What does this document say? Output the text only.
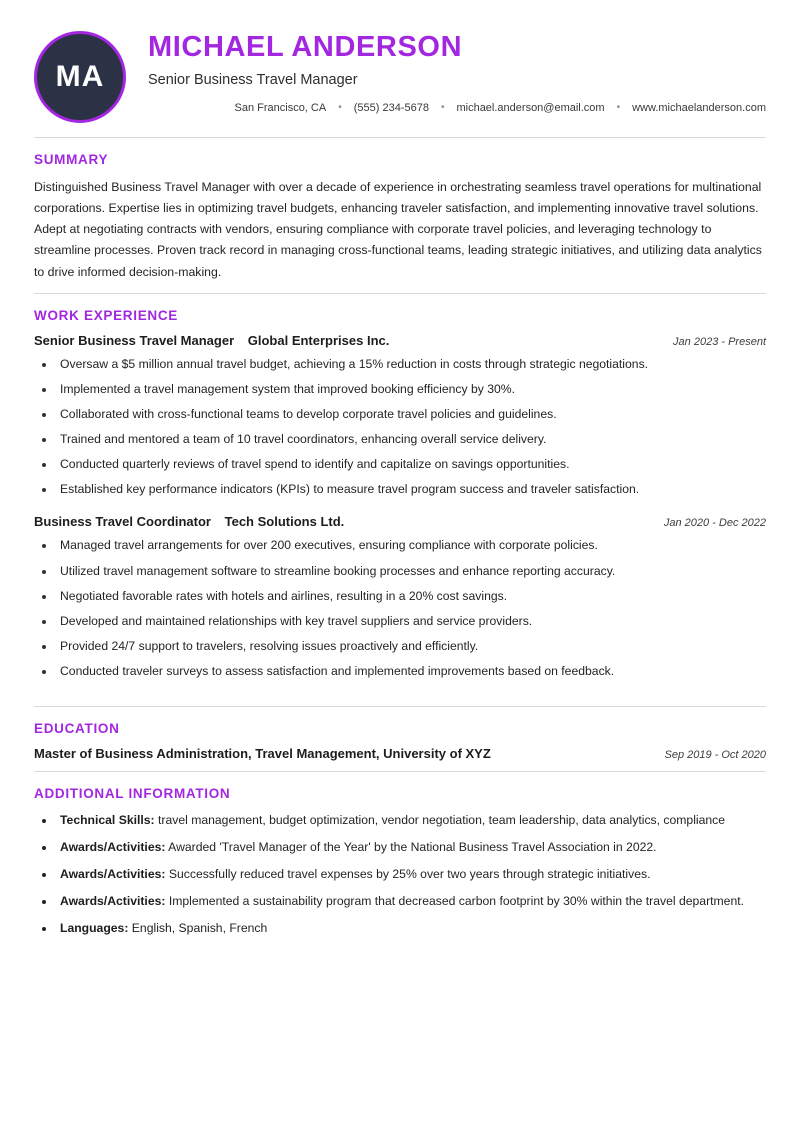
MA
MICHAEL ANDERSON
Senior Business Travel Manager
San Francisco, CA	•	(555) 234-5678	•	michael.anderson@email.com	•	www.michaelanderson.com
SUMMARY

Distinguished Business Travel Manager with over a decade of experience in orchestrating seamless travel operations for multinational corporations. Expertise lies in optimizing travel budgets, enhancing traveler satisfaction, and implementing innovative travel solutions. Adept at negotiating contracts with vendors, ensuring compliance with corporate travel policies, and leveraging technology to streamline processes. Proven track record in managing cross-functional teams, leading strategic initiatives, and utilizing data analytics to drive informed decision-making.

WORK EXPERIENCE
Senior Business Travel Manager Global Enterprises Inc.	Jan 2023 - Present
• Oversaw a $5 million annual travel budget, achieving a 15% reduction in costs through strategic negotiations.
• Implemented a travel management system that improved booking efficiency by 30%.
• Collaborated with cross-functional teams to develop corporate travel policies and guidelines.
• Trained and mentored a team of 10 travel coordinators, enhancing overall service delivery.
• Conducted quarterly reviews of travel spend to identify and capitalize on savings opportunities.
• Established key performance indicators (KPIs) to measure travel program success and traveler satisfaction.
Business Travel Coordinator Tech Solutions Ltd.	Jan 2020 - Dec 2022
• Managed travel arrangements for over 200 executives, ensuring compliance with corporate policies.
• Utilized travel management software to streamline booking processes and enhance reporting accuracy.
• Negotiated favorable rates with hotels and airlines, resulting in a 20% cost savings.
• Developed and maintained relationships with key travel suppliers and service providers.
• Provided 24/7 support to travelers, resolving issues proactively and efficiently.
• Conducted traveler surveys to assess satisfaction and implemented improvements based on feedback.
EDUCATION
Master of Business Administration, Travel Management, University of XYZ	Sep 2019 - Oct 2020
ADDITIONAL INFORMATION
• Technical Skills: travel management, budget optimization, vendor negotiation, team leadership, data analytics, compliance
• Awards/Activities: Awarded 'Travel Manager of the Year' by the National Business Travel Association in 2022.
• Awards/Activities: Successfully reduced travel expenses by 25% over two years through strategic initiatives.
• Awards/Activities: Implemented a sustainability program that decreased carbon footprint by 30% within the travel department.
• Languages: English, Spanish, French
